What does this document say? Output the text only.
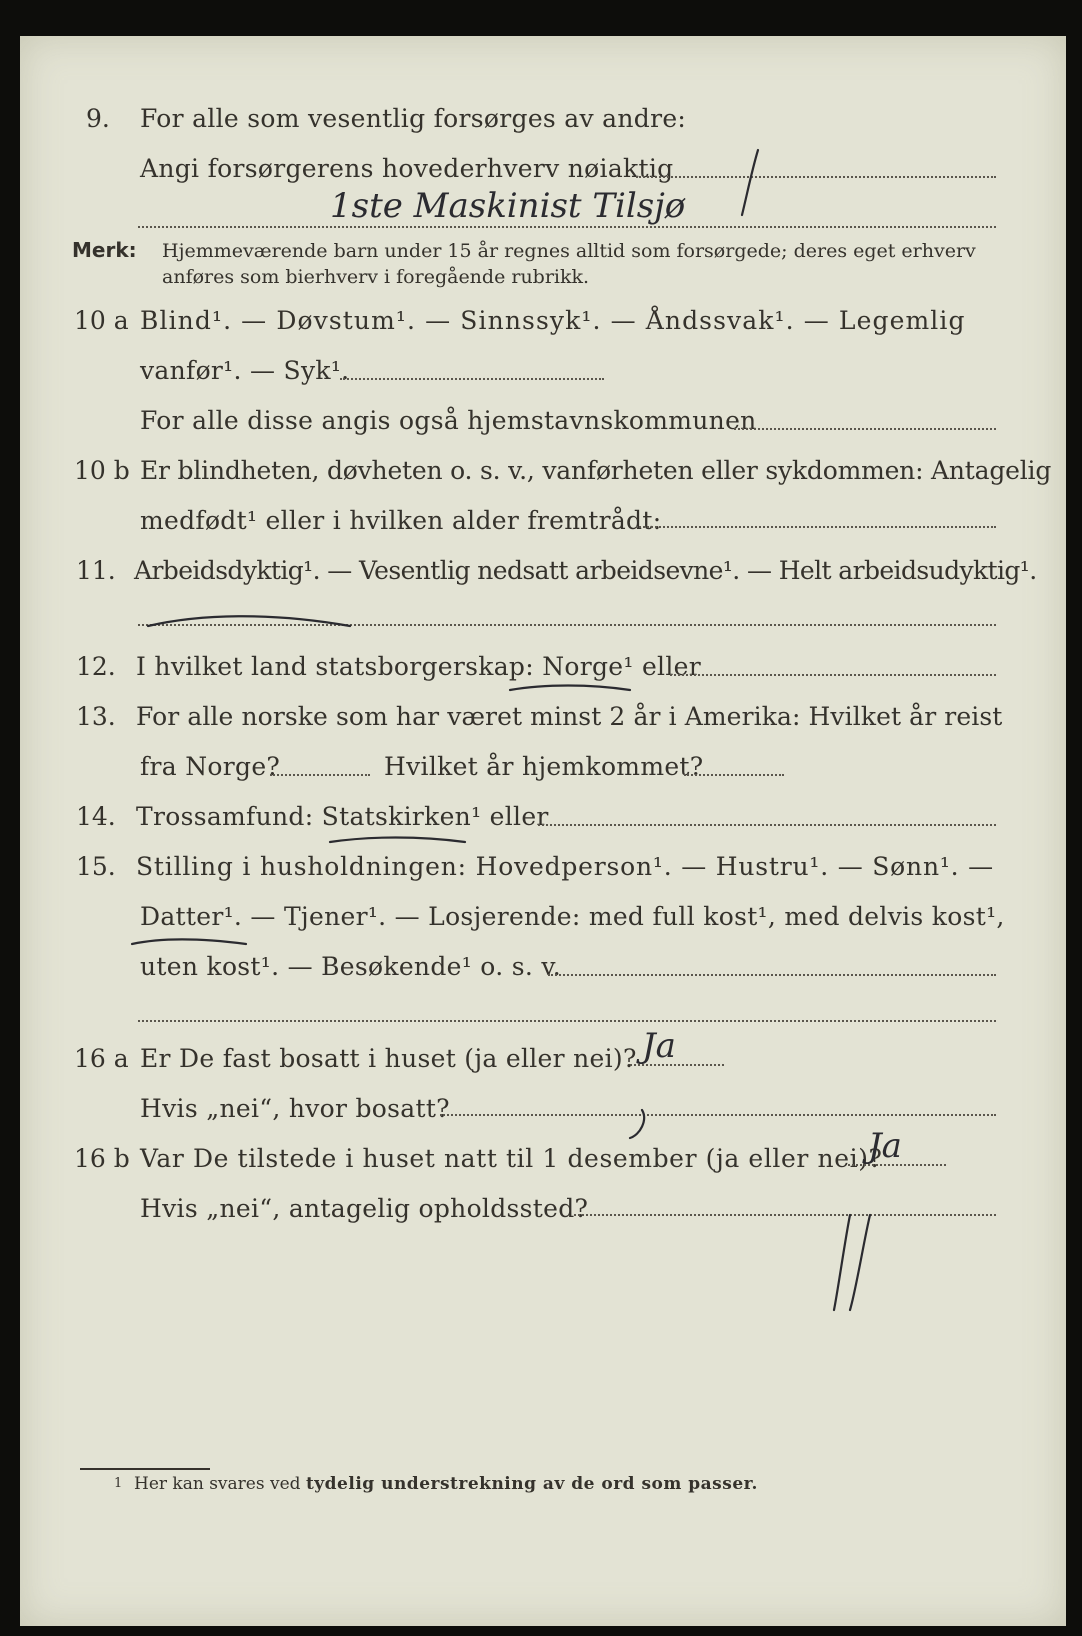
9. For alle som vesentlig forsørges av andre:
Angi forsørgerens hovederhverv nøiaktig
1ste Maskinist Tilsjø
Merk: Hjemmeværende barn under 15 år regnes alltid som forsørgede; deres eget erhverv
anføres som bierhverv i foregående rubrikk.
10 a Blind¹. — Døvstum¹. — Sinnssyk¹. — Åndssvak¹. — Legemlig
vanfør¹. — Syk¹.
For alle disse angis også hjemstavnskommunen
10 b Er blindheten, døvheten o. s. v., vanførheten eller sykdommen: Antagelig
medfødt¹ eller i hvilken alder fremtrådt:
11. Arbeidsdyktig¹. — Vesentlig nedsatt arbeidsevne¹. — Helt arbeidsudyktig¹.
12. I hvilket land statsborgerskap: Norge¹ eller
13. For alle norske som har været minst 2 år i Amerika: Hvilket år reist
fra Norge?	Hvilket år hjemkommet?
14. Trossamfund: Statskirken¹ eller
15. Stilling i husholdningen: Hovedperson¹. — Hustru¹. — Sønn¹. —
Datter¹. — Tjener¹. — Losjerende: med full kost¹, med delvis kost¹,
uten kost¹. — Besøkende¹ o. s. v.
16 a Er De fast bosatt i huset (ja eller nei)? Ja
Hvis „nei“, hvor bosatt?
16 b Var De tilstede i huset natt til 1 desember (ja eller nei)?
Ja
Hvis „nei“, antagelig opholdssted?
1 Her kan svares ved tydelig understrekning av de ord som passer.
